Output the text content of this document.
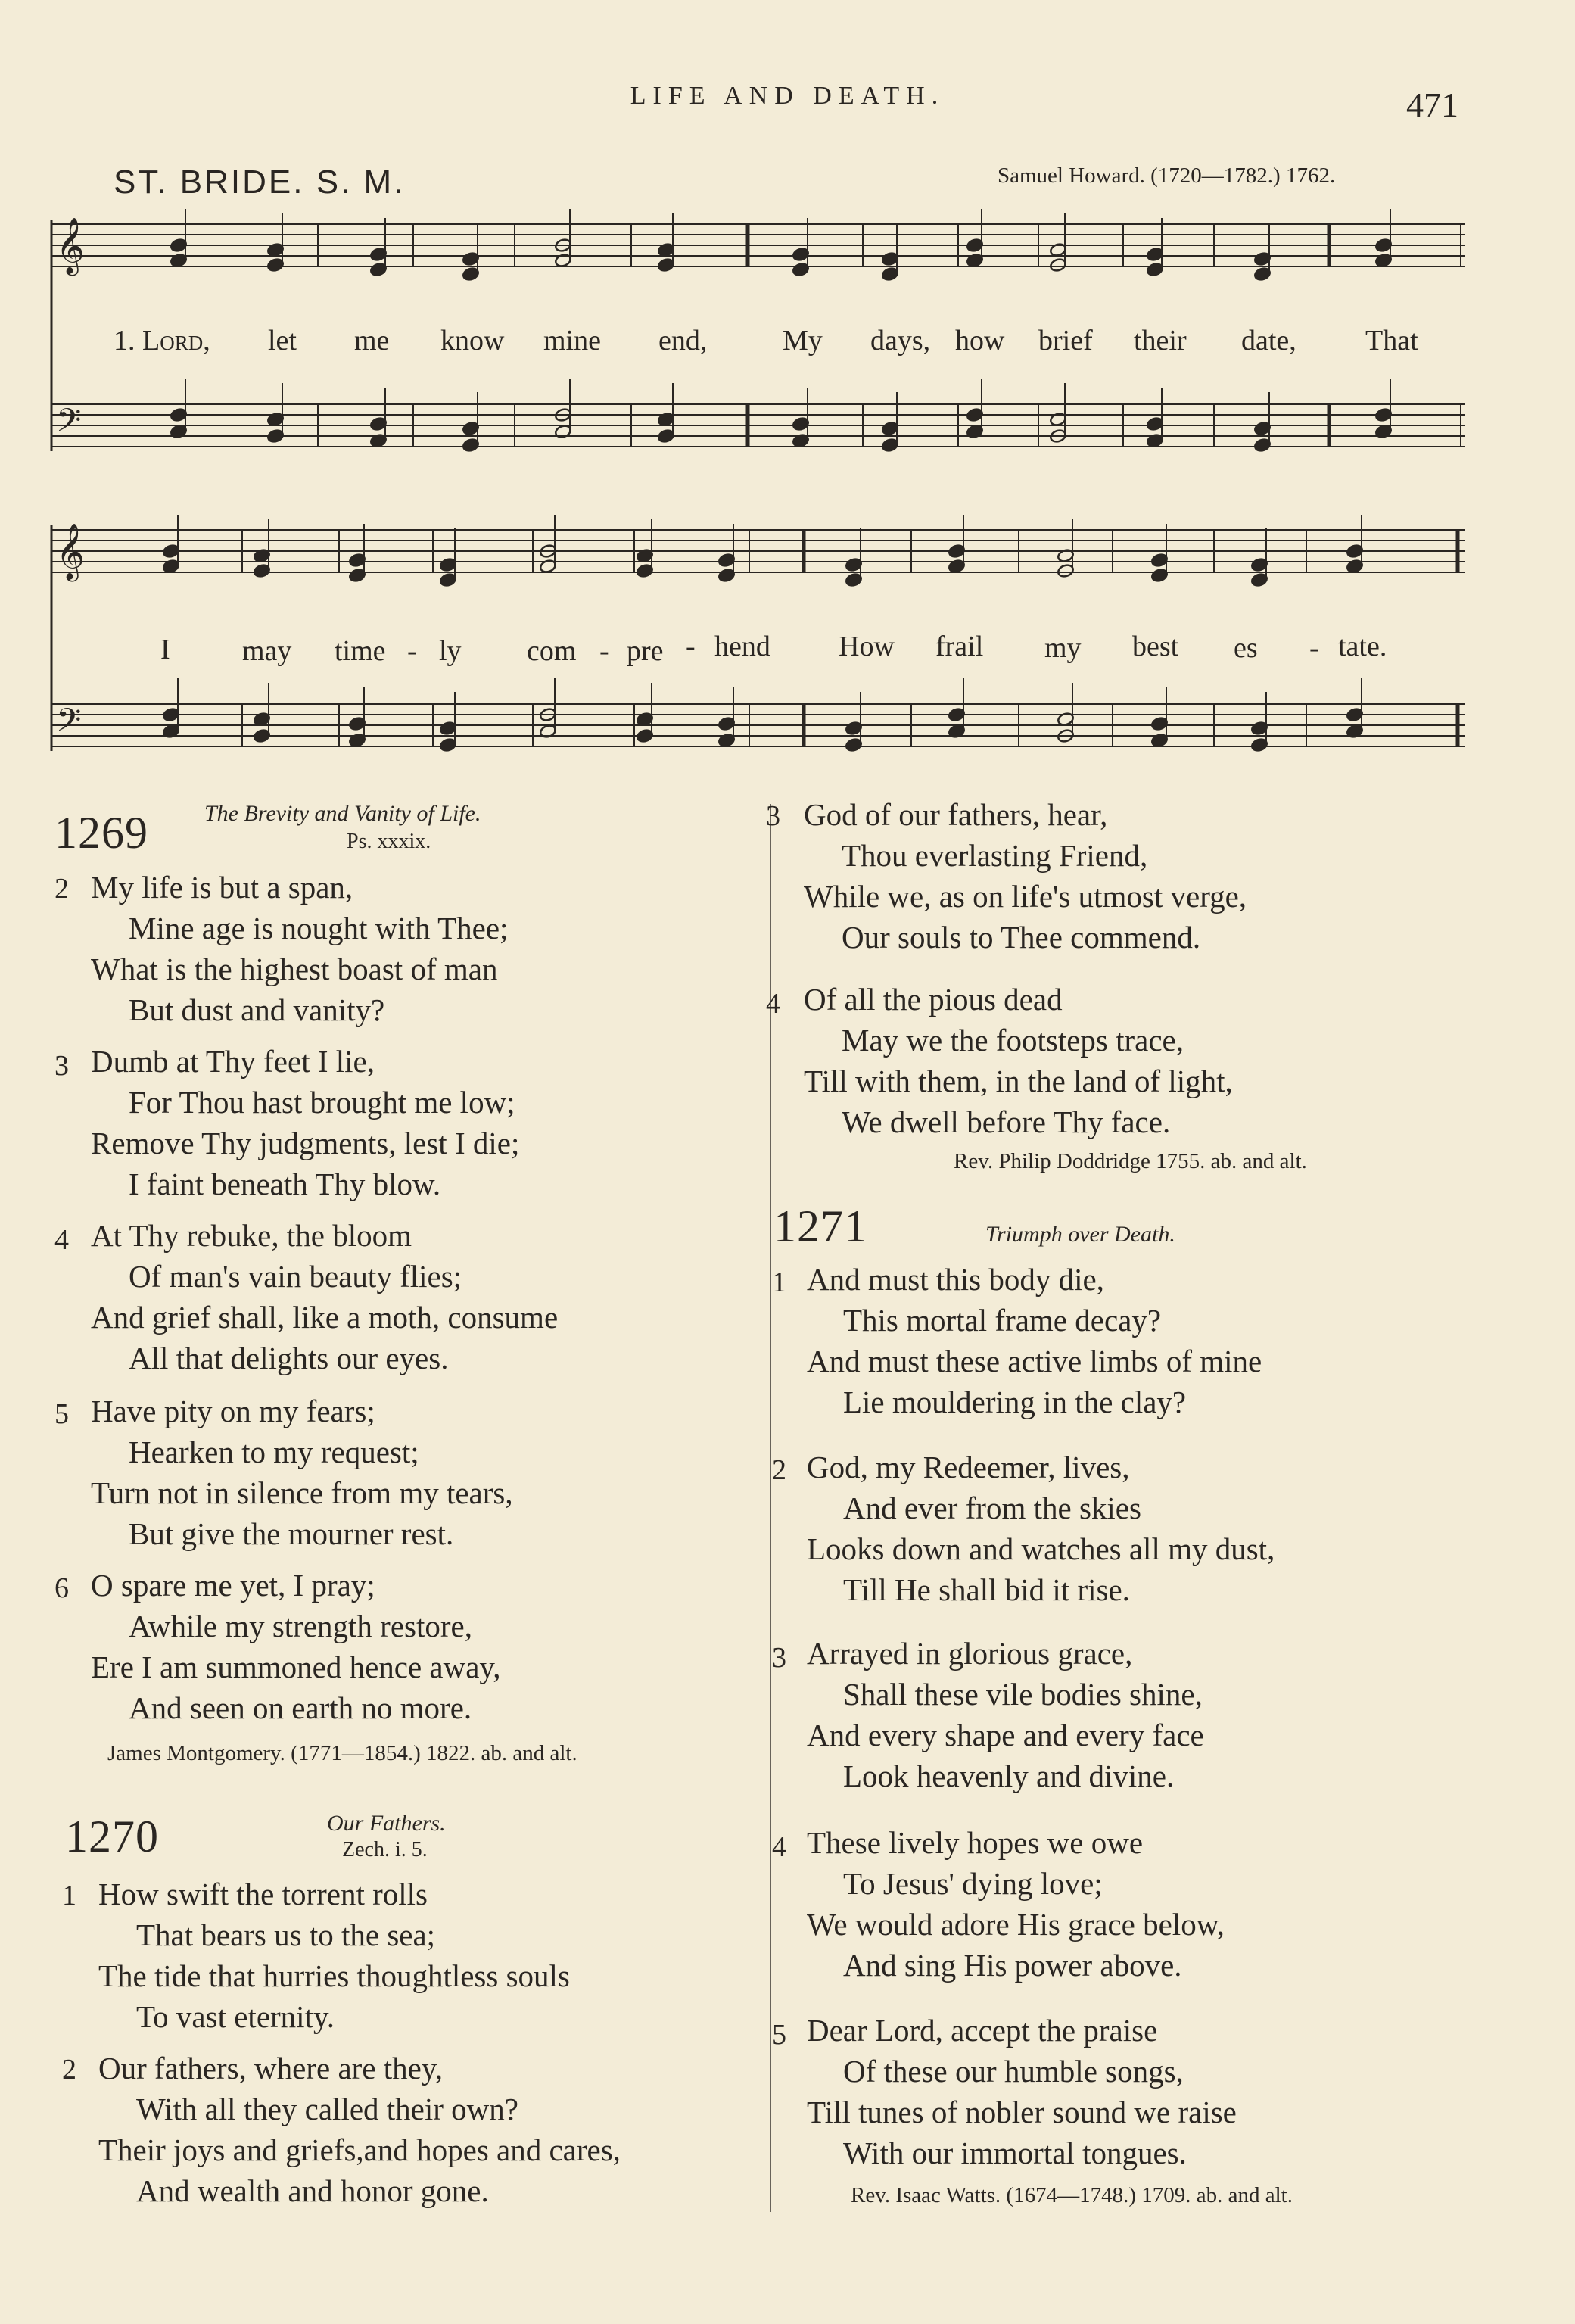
LIFE AND DEATH.	471
ST. BRIDE. S. M.	Samuel Howard. (1720—1782.) 1762.
𝄞
𝄢
𝄞
𝄢
1. Lord, let me know mine end,	My days, how brief their date, That
I	may time - ly com - pre - hend How frail my best es - tate.
1269 The Brevity and Vanity of Life.
Ps. xxxix.
2 My life is but a span,
Mine age is nought with Thee;
What is the highest boast of man
But dust and vanity?
3 Dumb at Thy feet I lie,
For Thou hast brought me low;
Remove Thy judgments, lest I die;
I faint beneath Thy blow.
4 At Thy rebuke, the bloom
Of man's vain beauty flies;
And grief shall, like a moth, consume
All that delights our eyes.
5 Have pity on my fears;
Hearken to my request;
Turn not in silence from my tears,
But give the mourner rest.
6 O spare me yet, I pray;
Awhile my strength restore,
Ere I am summoned hence away,
And seen on earth no more.
James Montgomery. (1771—1854.) 1822. ab. and alt.
1270	Our Fathers.
Zech. i. 5.
1 How swift the torrent rolls
That bears us to the sea;
The tide that hurries thoughtless souls
To vast eternity.
2 Our fathers, where are they,
With all they called their own?
Their joys and griefs,and hopes and cares,
And wealth and honor gone.
3 God of our fathers, hear,
Thou everlasting Friend,
While we, as on life's utmost verge,
Our souls to Thee commend.
4 Of all the pious dead
May we the footsteps trace,
Till with them, in the land of light,
We dwell before Thy face.
Rev. Philip Doddridge 1755. ab. and alt.
1271	Triumph over Death.
1 And must this body die,
This mortal frame decay?
And must these active limbs of mine
Lie mouldering in the clay?
2 God, my Redeemer, lives,
And ever from the skies
Looks down and watches all my dust,
Till He shall bid it rise.
3 Arrayed in glorious grace,
Shall these vile bodies shine,
And every shape and every face
Look heavenly and divine.
4 These lively hopes we owe
To Jesus' dying love;
We would adore His grace below,
And sing His power above.
5 Dear Lord, accept the praise
Of these our humble songs,
Till tunes of nobler sound we raise
With our immortal tongues.
Rev. Isaac Watts. (1674—1748.) 1709. ab. and alt.
